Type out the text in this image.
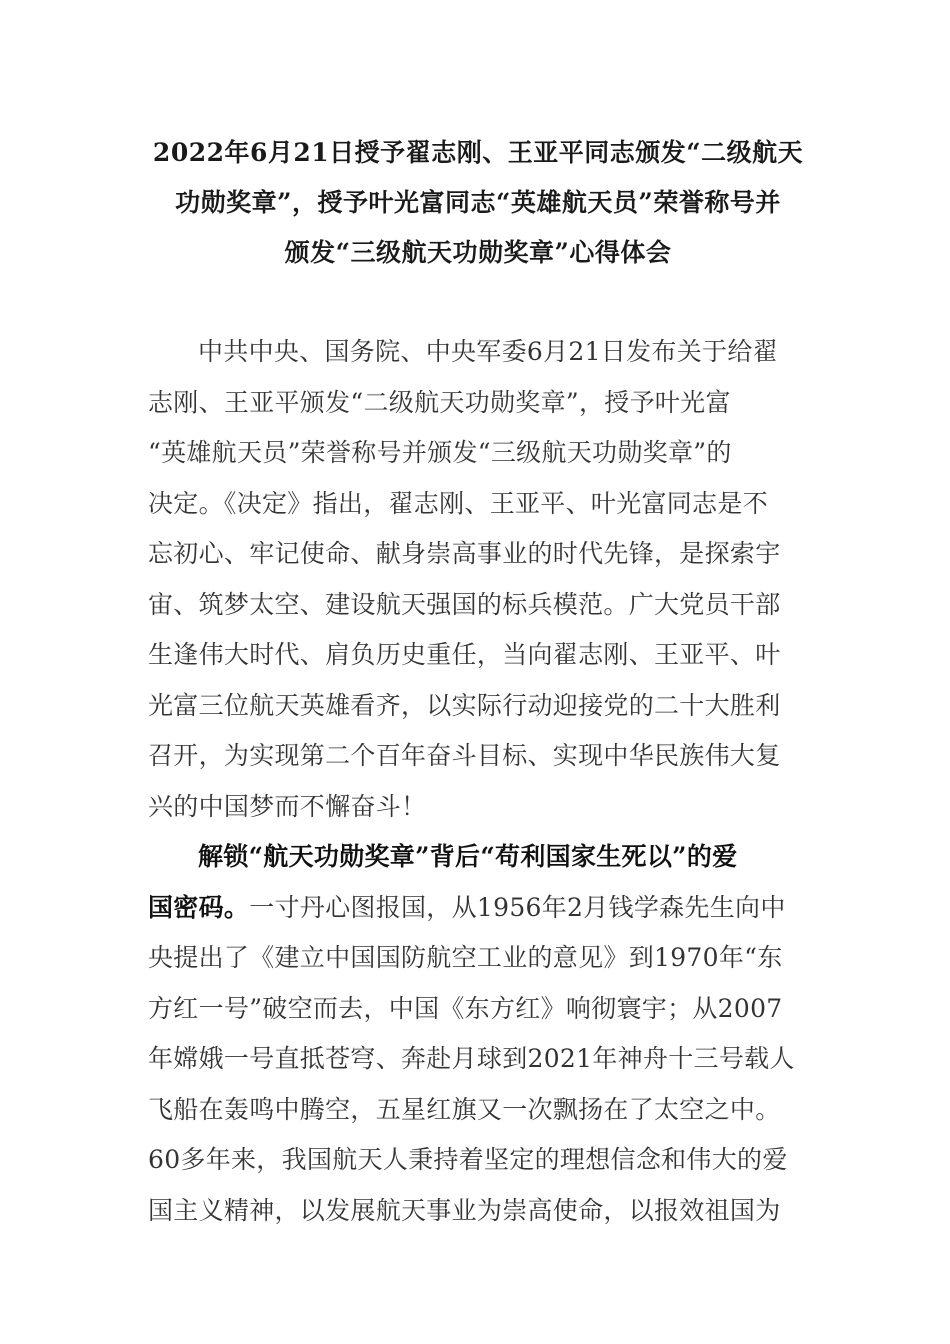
2022年6月21日授予翟志刚、王亚平同志颁发“二级航天
功勋奖章”，授予叶光富同志“英雄航天员”荣誉称号并
颁发“三级航天功勋奖章”心得体会

中共中央、国务院、中央军委6月21日发布关于给翟
志刚、王亚平颁发“二级航天功勋奖章”，授予叶光富
“英雄航天员”荣誉称号并颁发“三级航天功勋奖章”的
决定。《决定》指出，翟志刚、王亚平、叶光富同志是不
忘初心、牢记使命、献身崇高事业的时代先锋，是探索宇
宙、筑梦太空、建设航天强国的标兵模范。广大党员干部
生逢伟大时代、肩负历史重任，当向翟志刚、王亚平、叶
光富三位航天英雄看齐，以实际行动迎接党的二十大胜利
召开，为实现第二个百年奋斗目标、实现中华民族伟大复
兴的中国梦而不懈奋斗！

解锁“航天功勋奖章”背后“苟利国家生死以”的爱
国密码。一寸丹心图报国，从1956年2月钱学森先生向中
央提出了《建立中国国防航空工业的意见》到1970年“东
方红一号”破空而去，中国《东方红》响彻寰宇；从2007
年嫦娥一号直抵苍穹、奔赴月球到2021年神舟十三号载人
飞船在轰鸣中腾空，五星红旗又一次飘扬在了太空之中。
60多年来，我国航天人秉持着坚定的理想信念和伟大的爱
国主义精神，以发展航天事业为崇高使命，以报效祖国为
